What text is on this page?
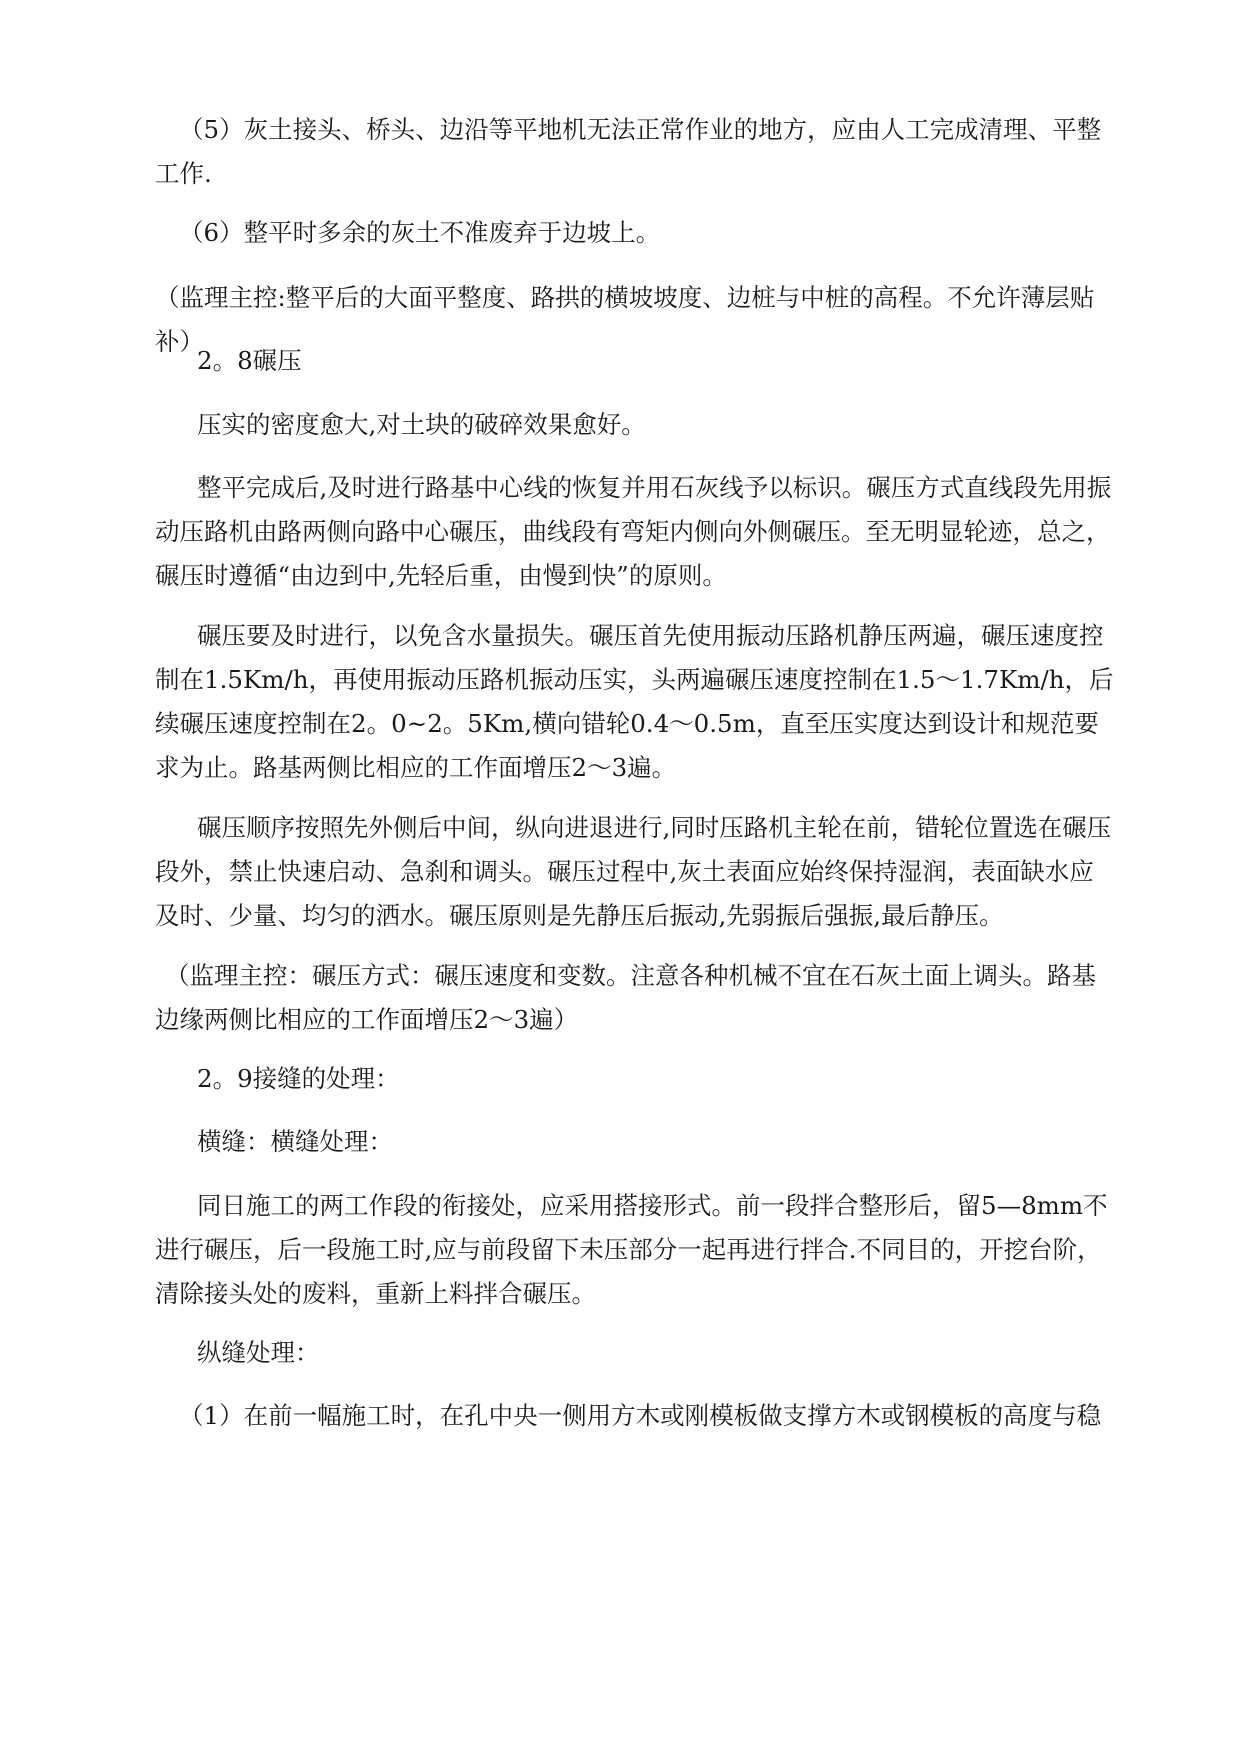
（5）灰土接头、桥头、边沿等平地机无法正常作业的地方，应由人工完成清理、平整工作.

（6）整平时多余的灰土不准废弃于边坡上。

（监理主控:整平后的大面平整度、路拱的横坡坡度、边桩与中桩的高程。不允许薄层贴补）

2。8碾压

压实的密度愈大,对土块的破碎效果愈好。

整平完成后,及时进行路基中心线的恢复并用石灰线予以标识。碾压方式直线段先用振动压路机由路两侧向路中心碾压，曲线段有弯矩内侧向外侧碾压。至无明显轮迹，总之，碾压时遵循“由边到中,先轻后重，由慢到快”的原则。

碾压要及时进行，以免含水量损失。碾压首先使用振动压路机静压两遍，碾压速度控制在1.5Km/h，再使用振动压路机振动压实，头两遍碾压速度控制在1.5～1.7Km/h，后续碾压速度控制在2。0~2。5Km,横向错轮0.4～0.5m，直至压实度达到设计和规范要求为止。路基两侧比相应的工作面增压2～3遍。

碾压顺序按照先外侧后中间，纵向进退进行,同时压路机主轮在前，错轮位置选在碾压段外，禁止快速启动、急刹和调头。碾压过程中,灰土表面应始终保持湿润，表面缺水应及时、少量、均匀的洒水。碾压原则是先静压后振动,先弱振后强振,最后静压。

（监理主控：碾压方式：碾压速度和变数。注意各种机械不宜在石灰土面上调头。路基边缘两侧比相应的工作面增压2～3遍）

2。9接缝的处理：

横缝：横缝处理：

同日施工的两工作段的衔接处，应采用搭接形式。前一段拌合整形后，留5—8mm不进行碾压，后一段施工时,应与前段留下未压部分一起再进行拌合.不同目的，开挖台阶，清除接头处的废料，重新上料拌合碾压。

纵缝处理：

（1）在前一幅施工时，在孔中央一侧用方木或刚模板做支撑方木或钢模板的高度与稳
